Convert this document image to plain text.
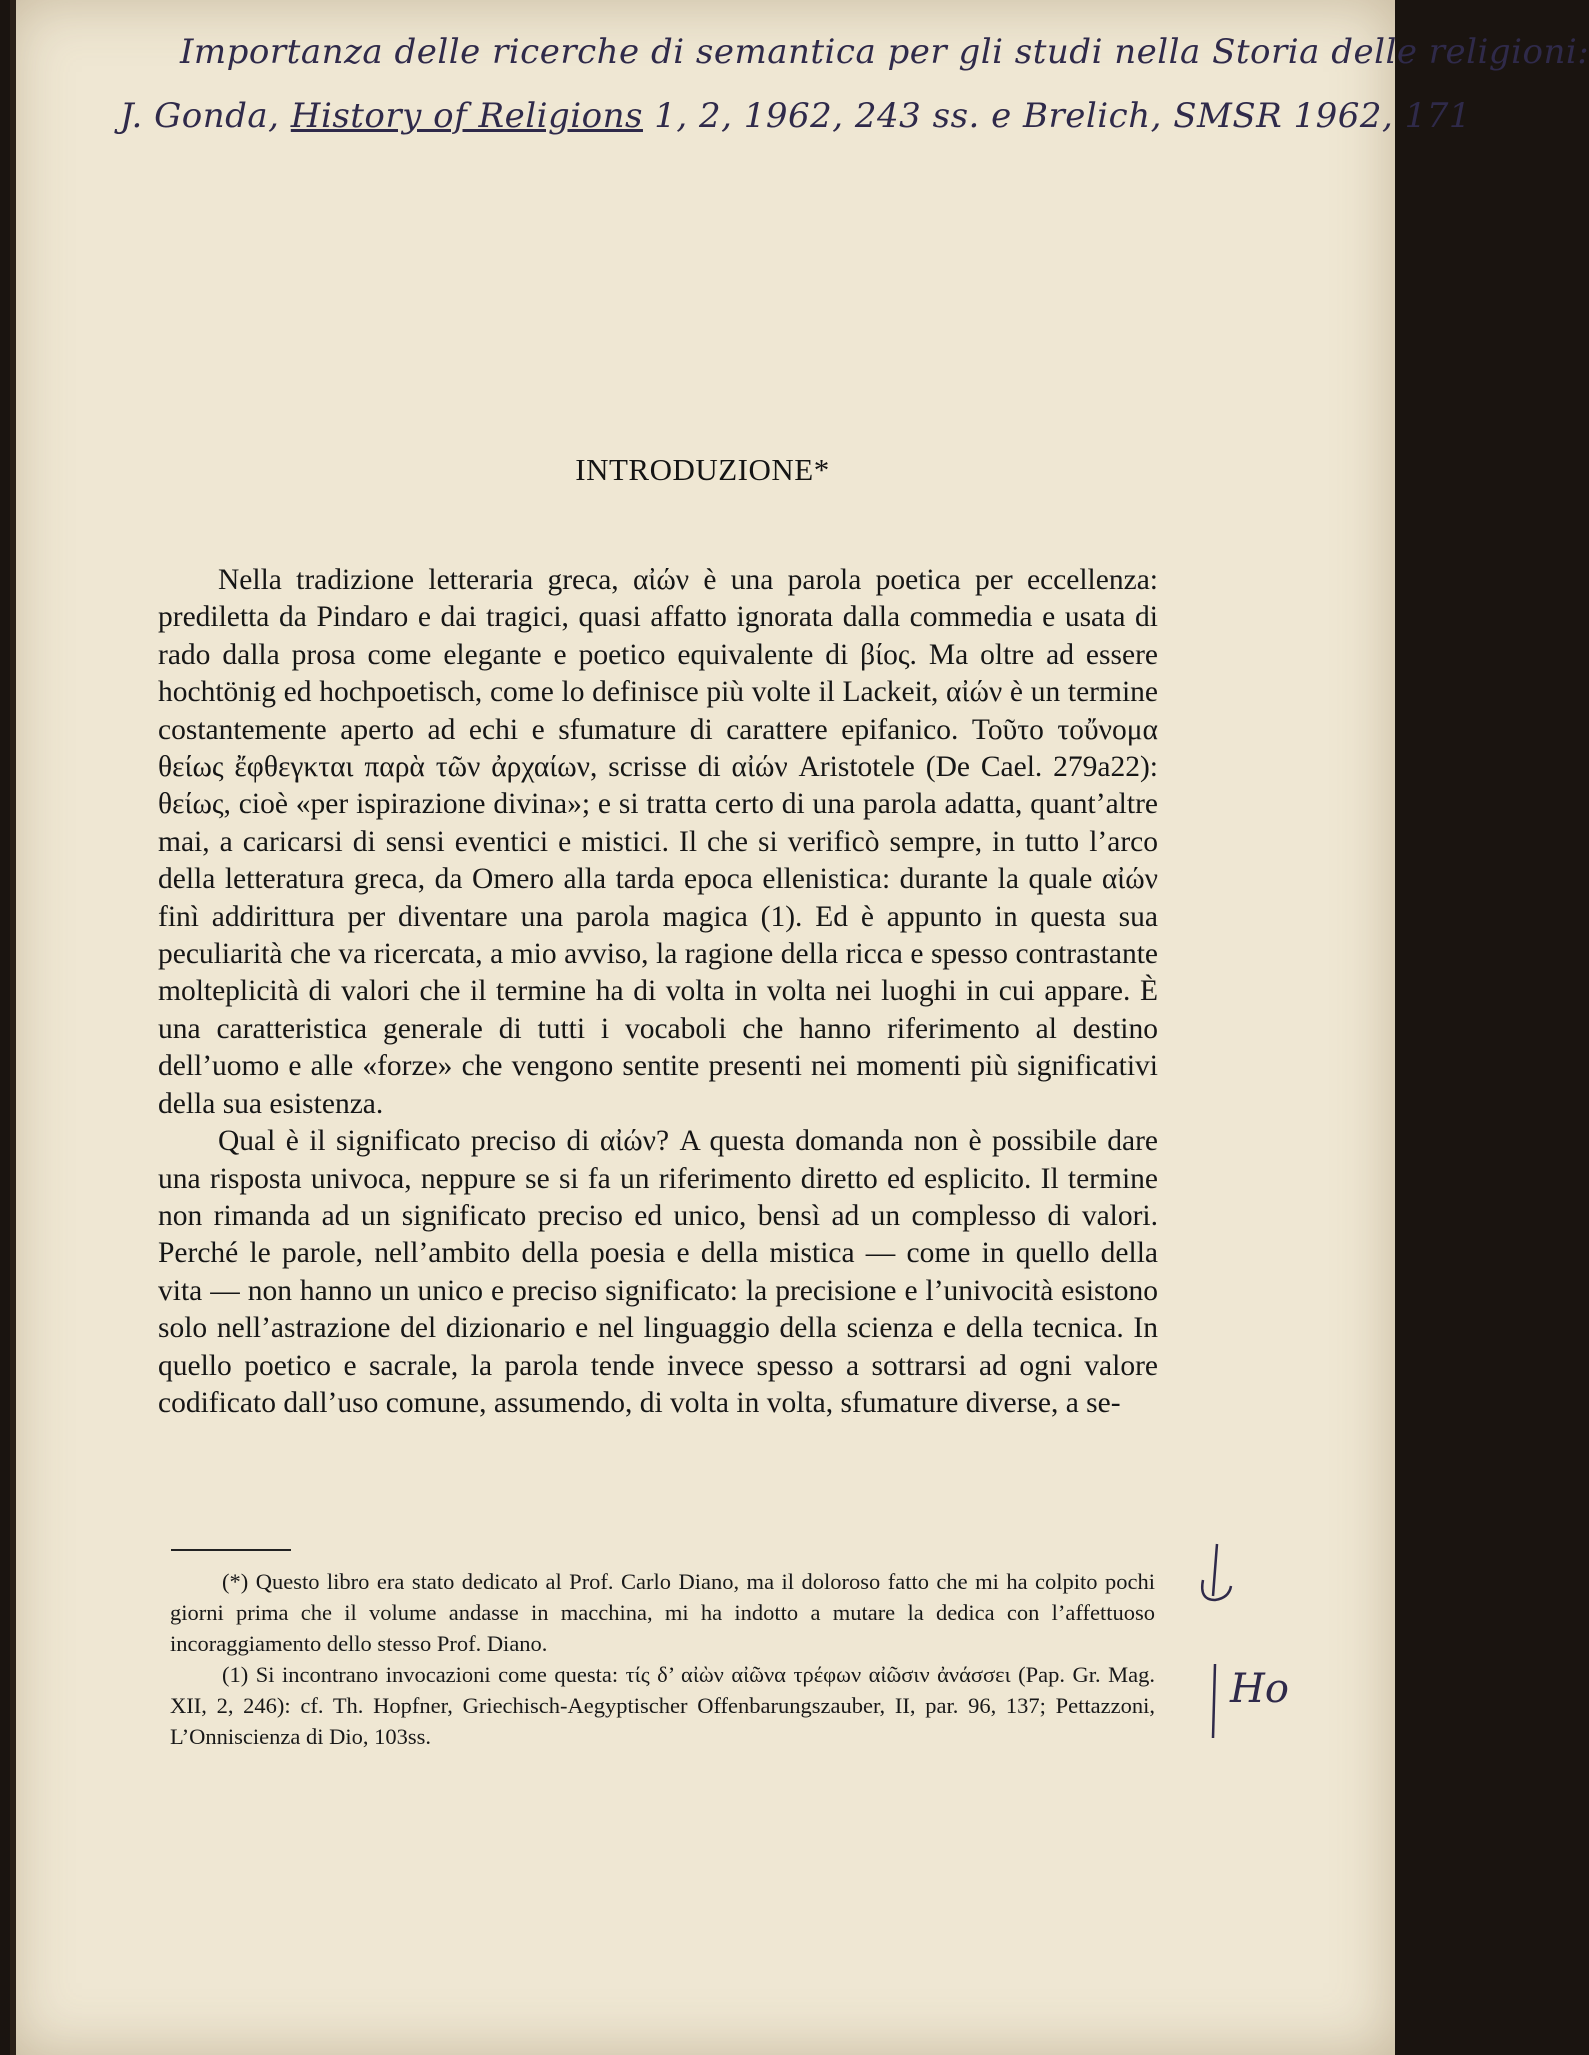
Importanza delle ricerche di semantica per gli studi nella Storia delle religioni:
J. Gonda, History of Religions 1, 2, 1962, 243 ss. e Brelich, SMSR 1962, 171
INTRODUZIONE*

Nella tradizione letteraria greca, αἰών è una parola poetica per eccellenza: prediletta da Pindaro e dai tragici, quasi affatto ignorata dalla commedia e usata di rado dalla prosa come elegante e poetico equivalente di βίος. Ma oltre ad essere hochtönig ed hochpoetisch, come lo definisce più volte il Lackeit, αἰών è un termine costantemente aperto ad echi e sfumature di carattere epifanico. Τοῦτο τοὔνομα θείως ἔφθεγκται παρὰ τῶν ἀρχαίων, scrisse di αἰών Aristotele (De Cael. 279a22): θείως, cioè «per ispirazione divina»; e si tratta certo di una parola adatta, quant’altre mai, a caricarsi di sensi eventici e mistici. Il che si verificò sempre, in tutto l’arco della letteratura greca, da Omero alla tarda epoca ellenistica: durante la quale αἰών finì addirittura per diventare una parola magica (1). Ed è appunto in questa sua peculiarità che va ricercata, a mio avviso, la ragione della ricca e spesso contrastante molteplicità di valori che il termine ha di volta in volta nei luoghi in cui appare. È una caratteristica generale di tutti i vocaboli che hanno riferimento al destino dell’uomo e alle «forze» che vengono sentite presenti nei momenti più significativi della sua esistenza.

Qual è il significato preciso di αἰών? A questa domanda non è possibile dare una risposta univoca, neppure se si fa un riferimento diretto ed esplicito. Il termine non rimanda ad un significato preciso ed unico, bensì ad un complesso di valori. Perché le parole, nell’ambito della poesia e della mistica — come in quello della vita — non hanno un unico e preciso significato: la precisione e l’univocità esistono solo nell’astrazione del dizionario e nel linguaggio della scienza e della tecnica. In quello poetico e sacrale, la parola tende invece spesso a sottrarsi ad ogni valore codificato dall’uso comune, assumendo, di volta in volta, sfumature diverse, a se-

(*) Questo libro era stato dedicato al Prof. Carlo Diano, ma il doloroso fatto che mi ha colpito pochi giorni prima che il volume andasse in macchina, mi ha indotto a mutare la dedica con l’affettuoso incoraggiamento dello stesso Prof. Diano.

(1) Si incontrano invocazioni come questa: τίς δ’ αἰὼν αἰῶνα τρέφων αἰῶσιν ἀνάσσει (Pap. Gr. Mag. XII, 2, 246): cf. Th. Hopfner, Griechisch-Aegyptischer Offenbarungszauber, II, par. 96, 137; Pettazzoni, L’Onniscienza di Dio, 103ss.

Ho
